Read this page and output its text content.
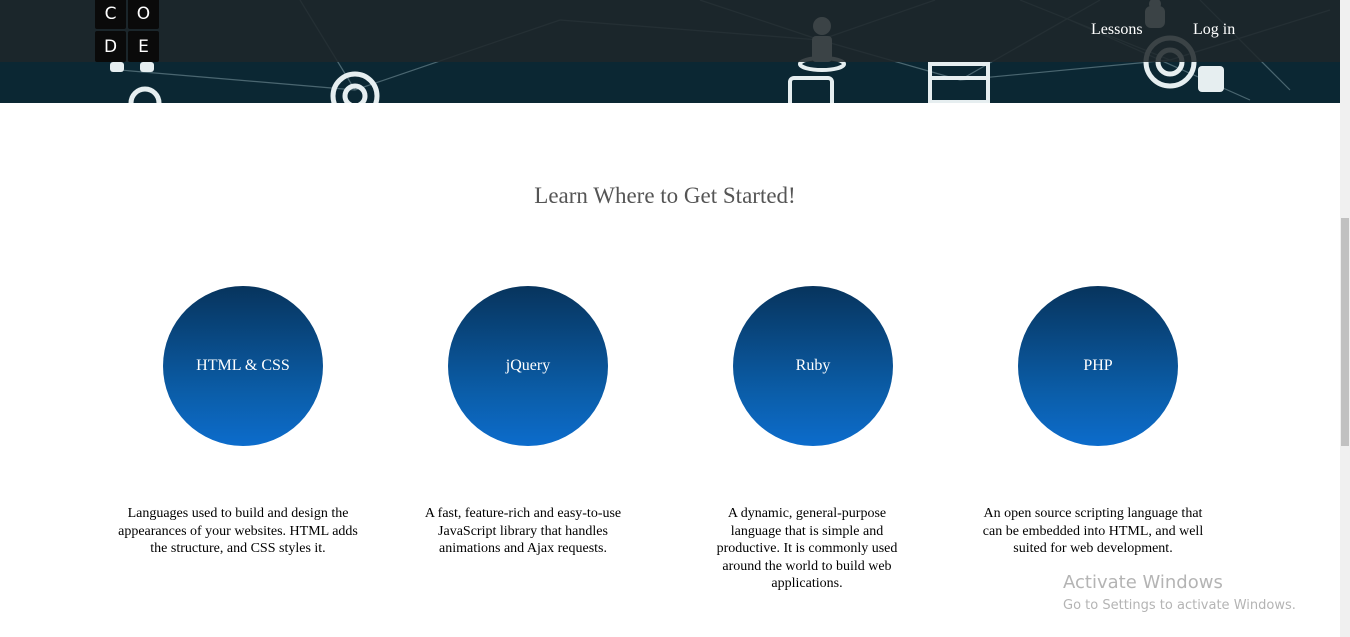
C	O
D	E
Lessons	Log in
Learn Where to Get Started!
HTML & CSS	jQuery	Ruby	PHP
Languages used to build and design the appearances of your websites. HTML adds the structure, and CSS styles it.
A fast, feature-rich and easy-to-use JavaScript library that handles animations and Ajax requests.
A dynamic, general-purpose language that is simple and productive. It is commonly used around the world to build web applications.
An open source scripting language that can be embedded into HTML, and well suited for web development.
Activate Windows
Go to Settings to activate Windows.
